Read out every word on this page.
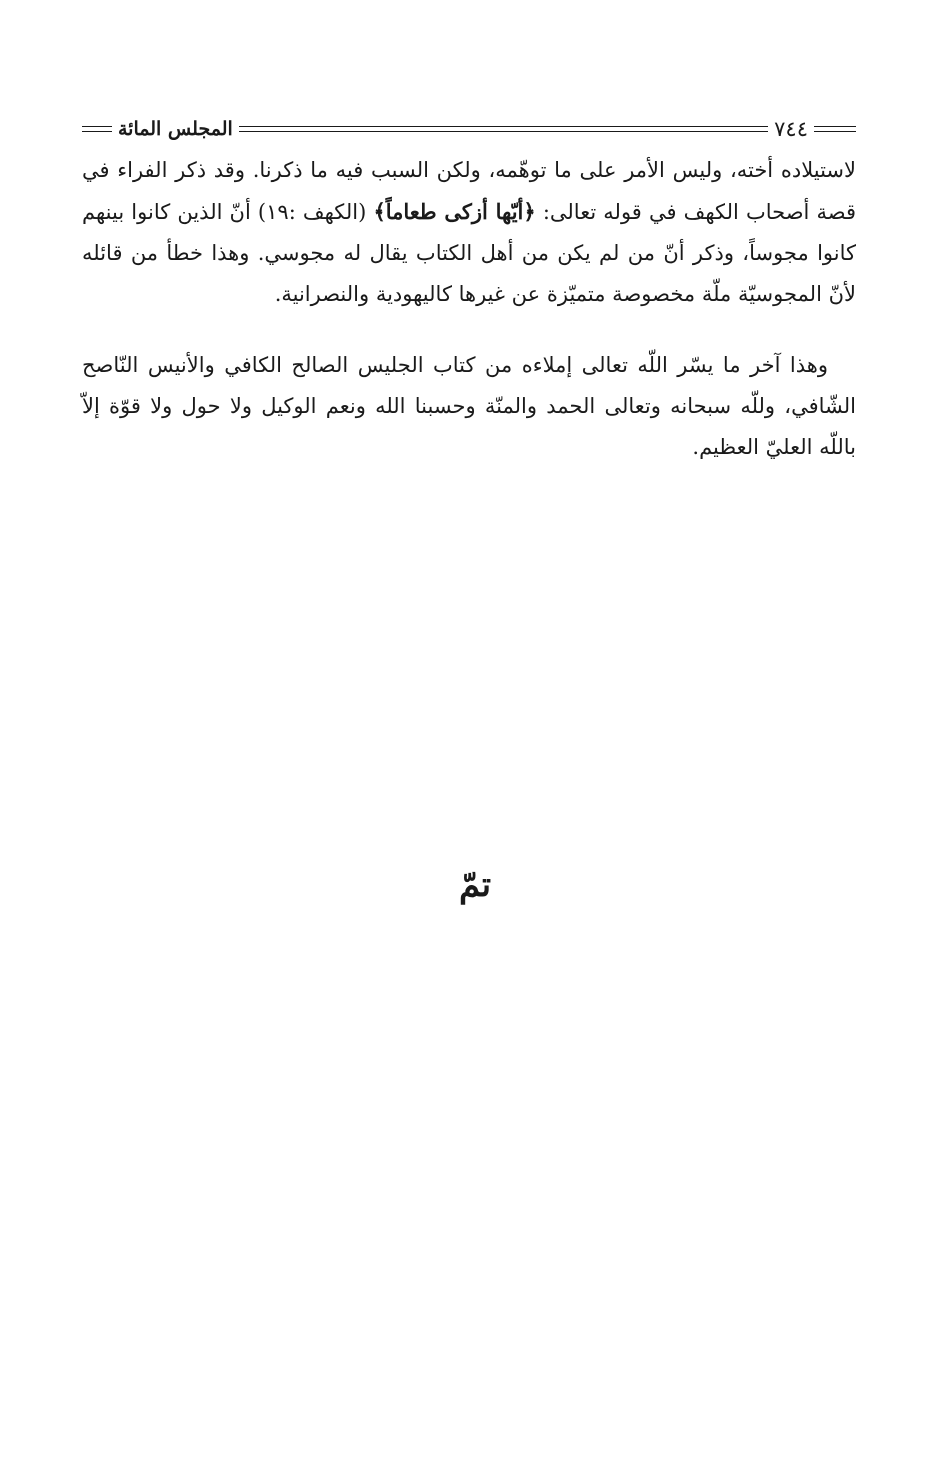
٧٤٤
المجلس المائة

لاستيلاده أخته، وليس الأمر على ما توهّمه، ولكن السبب فيه ما ذكرنا. وقد ذكر الفراء في قصة أصحاب الكهف في قوله تعالى: ﴿أيّها أزكى طعاماً﴾ (الكهف :١٩) أنّ الذين كانوا بينهم كانوا مجوساً، وذكر أنّ من لم يكن من أهل الكتاب يقال له مجوسي. وهذا خطأ من قائله لأنّ المجوسيّة ملّة مخصوصة متميّزة عن غيرها كاليهودية والنصرانية.

وهذا آخر ما يسّر اللّه تعالى إملاءه من كتاب الجليس الصالح الكافي والأنيس النّاصح الشّافي، وللّه سبحانه وتعالى الحمد والمنّة وحسبنا الله ونعم الوكيل ولا حول ولا قوّة إلاّ باللّه العليّ العظيم.

تمّ
